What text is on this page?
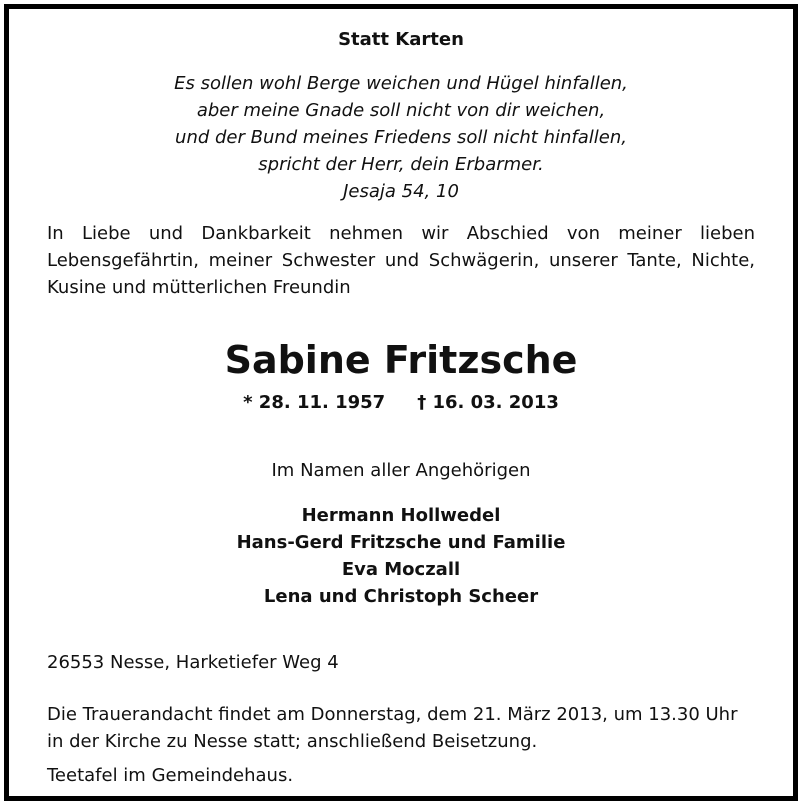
Statt Karten
Es sollen wohl Berge weichen und Hügel hinfallen,
aber meine Gnade soll nicht von dir weichen,
und der Bund meines Friedens soll nicht hinfallen,
spricht der Herr, dein Erbarmer.
Jesaja 54, 10
In Liebe und Dankbarkeit nehmen wir Abschied von meiner lieben
Lebensgefährtin, meiner Schwester und Schwägerin, unserer Tante, Nichte,
Kusine und mütterlichen Freundin
Sabine Fritzsche
* 28. 11. 1957 † 16. 03. 2013
Im Namen aller Angehörigen
Hermann Hollwedel
Hans-Gerd Fritzsche und Familie
Eva Moczall
Lena und Christoph Scheer
26553 Nesse, Harketiefer Weg 4
Die Trauerandacht findet am Donnerstag, dem 21. März 2013, um 13.30 Uhr
in der Kirche zu Nesse statt; anschließend Beisetzung.
Teetafel im Gemeindehaus.
